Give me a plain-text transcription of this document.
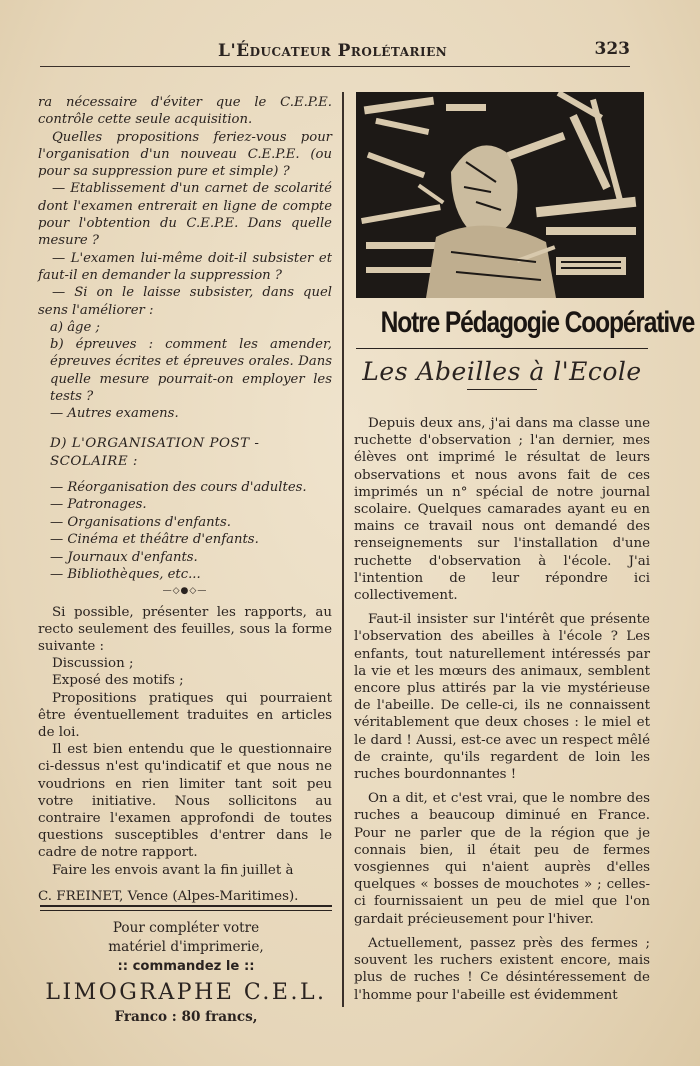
L'Éducateur Prolétarien	323

ra nécessaire d'éviter que le C.E.P.E. contrôle cette seule acquisition.

Quelles propositions feriez-vous pour l'organisation d'un nouveau C.E.P.E. (ou pour sa suppression pure et simple) ?

— Etablissement d'un carnet de scolarité dont l'examen entrerait en ligne de compte pour l'obtention du C.E.P.E. Dans quelle mesure ?

— L'examen lui-même doit-il subsister et faut-il en demander la suppression ?

— Si on le laisse subsister, dans quel sens l'améliorer :

a) âge ;

b) épreuves : comment les amender, épreuves écrites et épreuves orales. Dans quelle mesure pourrait-on employer les tests ?

— Autres examens.

D) L'ORGANISATION POST - SCOLAIRE :
— Réorganisation des cours d'adultes.
— Patronages.
— Organisations d'enfants.
— Cinéma et théâtre d'enfants.
— Journaux d'enfants.
— Bibliothèques, etc...
—◇●◇—

Si possible, présenter les rapports, au recto seulement des feuilles, sous la forme suivante :

Discussion ;

Exposé des motifs ;

Propositions pratiques qui pourraient être éventuellement traduites en articles de loi.

Il est bien entendu que le questionnaire ci-dessus n'est qu'indicatif et que nous ne voudrions en rien limiter tant soit peu votre initiative. Nous sollicitons au contraire l'examen approfondi de toutes questions susceptibles d'entrer dans le cadre de notre rapport.

Faire les envois avant la fin juillet à

C. FREINET, Vence (Alpes-Maritimes).

Pour compléter votre

matériel d'imprimerie,

:: commandez le ::

LIMOGRAPHE C.E.L.

Franco : 80 francs,

Notre Pédagogie Coopérative
Les Abeilles à l'Ecole

Depuis deux ans, j'ai dans ma classe une ruchette d'observation ; l'an dernier, mes élèves ont imprimé le résultat de leurs observations et nous avons fait de ces imprimés un n° spécial de notre journal scolaire. Quelques camarades ayant eu en mains ce travail nous ont demandé des renseignements sur l'installation d'une ruchette d'observation à l'école. J'ai l'intention de leur répondre ici collectivement.

Faut-il insister sur l'intérêt que présente l'observation des abeilles à l'école ? Les enfants, tout naturellement intéressés par la vie et les mœurs des animaux, semblent encore plus attirés par la vie mystérieuse de l'abeille. De celle-ci, ils ne connaissent véritablement que deux choses : le miel et le dard ! Aussi, est-ce avec un respect mêlé de crainte, qu'ils regardent de loin les ruches bourdonnantes !

On a dit, et c'est vrai, que le nombre des ruches a beaucoup diminué en France. Pour ne parler que de la région que je connais bien, il était peu de fermes vosgiennes qui n'aient auprès d'elles quelques « bosses de mouchotes » ; celles-ci fournissaient un peu de miel que l'on gardait précieusement pour l'hiver.

Actuellement, passez près des fermes ; souvent les ruchers existent encore, mais plus de ruches ! Ce désintéressement de l'homme pour l'abeille est évidemment
